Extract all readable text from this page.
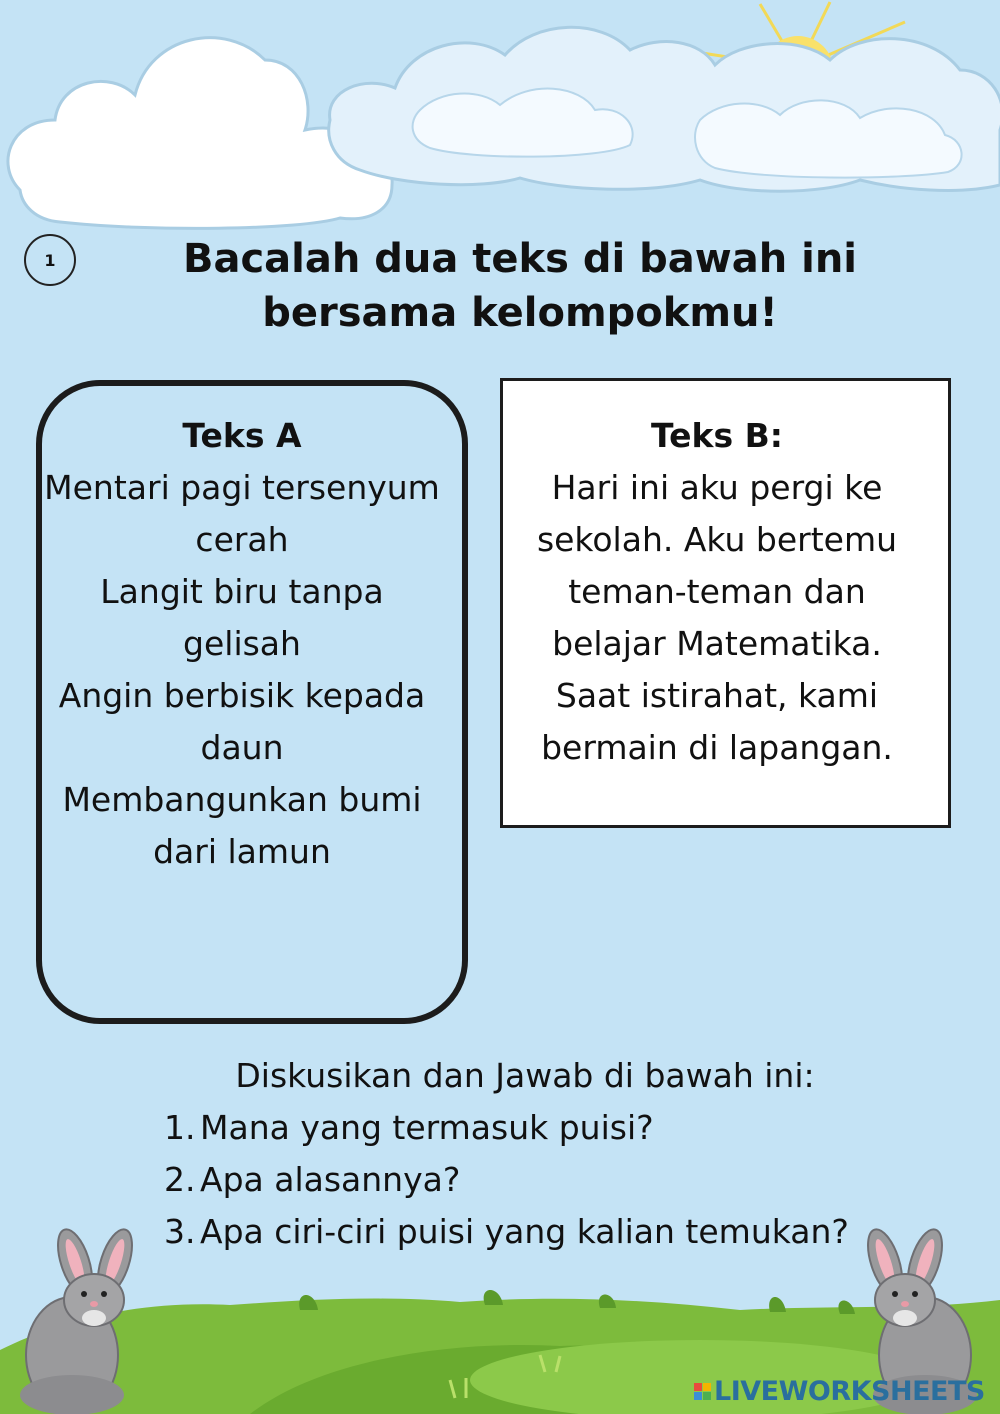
1	Bacalah dua teks di bawah ini bersama kelompokmu!
Teks A
Mentari pagi tersenyum
cerah
Langit biru tanpa
gelisah
Angin berbisik kepada
daun
Membangunkan bumi
dari lamun
Teks B:
Hari ini aku pergi ke
sekolah. Aku bertemu
teman-teman dan
belajar Matematika.
Saat istirahat, kami
bermain di lapangan.
Diskusikan dan Jawab di bawah ini:
1. Mana yang termasuk puisi?
2. Apa alasannya?
3. Apa ciri-ciri puisi yang kalian temukan?
LIVEWORKSHEETS
